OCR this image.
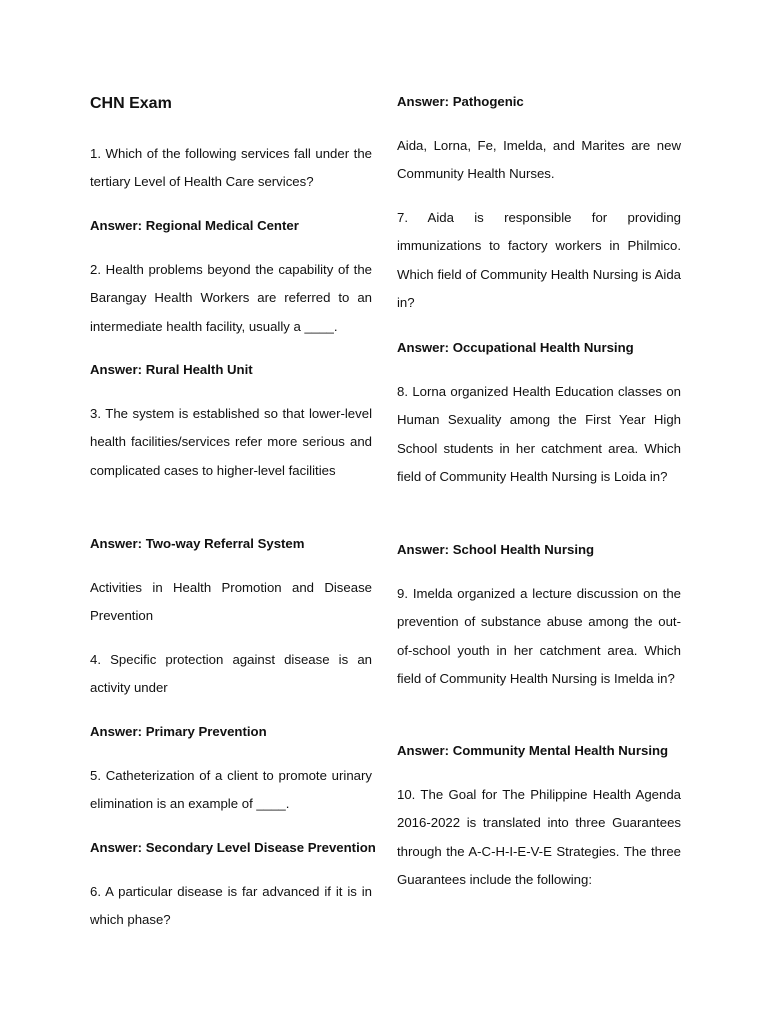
CHN Exam

1. Which of the following services fall under the tertiary Level of Health Care services?

Answer: Regional Medical Center

2. Health problems beyond the capability of the Barangay Health Workers are referred to an intermediate health facility, usually a ____.

Answer: Rural Health Unit

3. The system is established so that lower-level health facilities/services refer more serious and complicated cases to higher-level facilities

Answer: Two-way Referral System

Activities in Health Promotion and Disease Prevention

4. Specific protection against disease is an activity under

Answer: Primary Prevention

5. Catheterization of a client to promote urinary elimination is an example of ____.

Answer: Secondary Level Disease Prevention

6. A particular disease is far advanced if it is in which phase?

Answer: Pathogenic

Aida, Lorna, Fe, Imelda, and Marites are new Community Health Nurses.

7. Aida is responsible for providing immunizations to factory workers in Philmico. Which field of Community Health Nursing is Aida in?

Answer: Occupational Health Nursing

8. Lorna organized Health Education classes on Human Sexuality among the First Year High School students in her catchment area. Which field of Community Health Nursing is Loida in?

Answer: School Health Nursing

9. Imelda organized a lecture discussion on the prevention of substance abuse among the out-of-school youth in her catchment area. Which field of Community Health Nursing is Imelda in?

Answer: Community Mental Health Nursing

10. The Goal for The Philippine Health Agenda 2016-2022 is translated into three Guarantees through the A-C-H-I-E-V-E Strategies. The three Guarantees include the following:
